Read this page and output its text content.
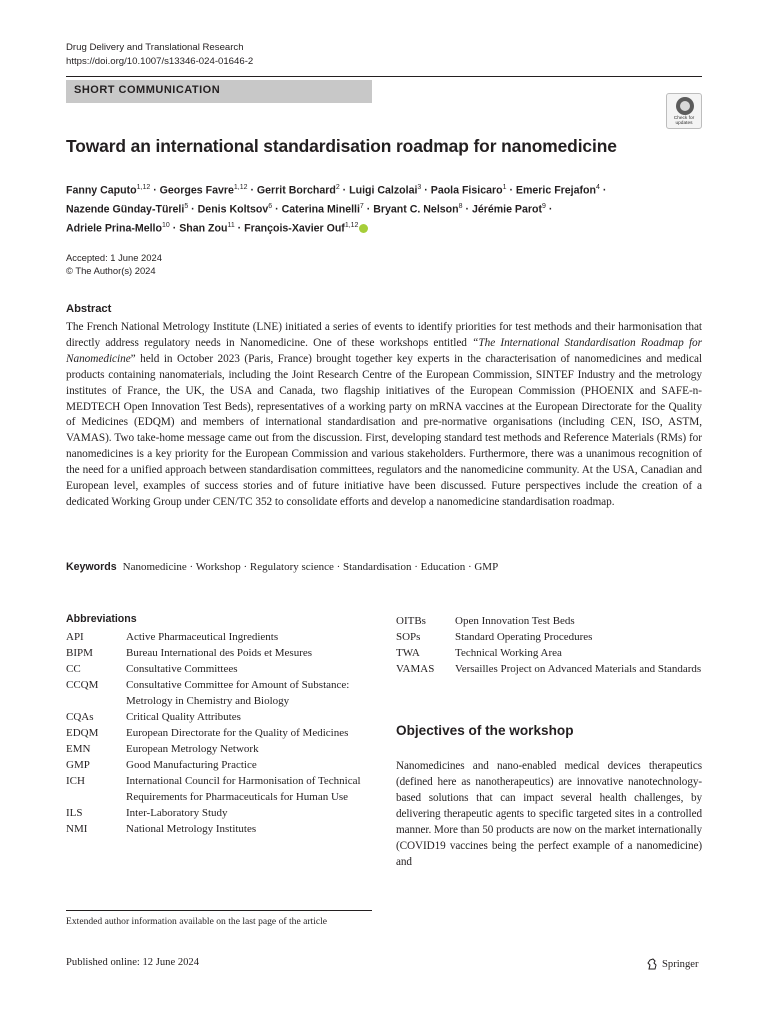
Drug Delivery and Translational Research
https://doi.org/10.1007/s13346-024-01646-2
SHORT COMMUNICATION
Check for updates
Toward an international standardisation roadmap for nanomedicine
Fanny Caputo$^{1,12}$ · Georges Favre$^{1,12}$ · Gerrit Borchard$^2$ · Luigi Calzolai$^3$ · Paola Fisicaro$^1$ · Emeric Frejafon$^4$ ·
Nazende Günday-Türeli$^5$ · Denis Koltsov$^6$ · Caterina Minelli$^7$ · Bryant C. Nelson$^8$ · Jérémie Parot$^9$ ·
Adriele Prina-Mello$^{10}$ · Shan Zou$^{11}$ · François-Xavier Ouf$^{1,12}$
Accepted: 1 June 2024
© The Author(s) 2024
Abstract

The French National Metrology Institute (LNE) initiated a series of events to identify priorities for test methods and their harmonisation that directly address regulatory needs in Nanomedicine. One of these workshops entitled “The International Standardisation Roadmap for Nanomedicine” held in October 2023 (Paris, France) brought together key experts in the characterisation of nanomedicines and medical products containing nanomaterials, including the Joint Research Centre of the European Commission, SINTEF Industry and the metrology institutes of France, the UK, the USA and Canada, two flagship initiatives of the European Commission (PHOENIX and SAFE-n-MEDTECH Open Innovation Test Beds), representatives of a working party on mRNA vaccines at the European Directorate for the Quality of Medicines (EDQM) and members of international standardisation and pre-normative organisations (including CEN, ISO, ASTM, VAMAS). Two take-home message came out from the discussion. First, developing standard test methods and Reference Materials (RMs) for nanomedicines is a key priority for the European Commission and various stakeholders. Furthermore, there was a unanimous recognition of the need for a unified approach between standardisation committees, regulators and the nanomedicine community. At the USA, Canadian and European level, examples of success stories and of future initiative have been discussed. Future perspectives include the creation of a dedicated Working Group under CEN/TC 352 to consolidate efforts and develop a nanomedicine standardisation roadmap.

Keywords Nanomedicine · Workshop · Regulatory science · Standardisation · Education · GMP
Abbreviations
API	Active Pharmaceutical Ingredients
BIPM	Bureau International des Poids et Mesures
CC	Consultative Committees
CCQM	Consultative Committee for Amount of Substance: Metrology in Chemistry and Biology
CQAs	Critical Quality Attributes
EDQM	European Directorate for the Quality of Medicines
EMN	European Metrology Network
GMP	Good Manufacturing Practice
ICH	International Council for Harmonisation of Technical Requirements for Pharmaceuticals for Human Use
ILS	Inter-Laboratory Study
NMI	National Metrology Institutes
OITBs	Open Innovation Test Beds
SOPs	Standard Operating Procedures
TWA	Technical Working Area
VAMAS	Versailles Project on Advanced Materials and Standards
Objectives of the workshop

Nanomedicines and nano-enabled medical devices therapeutics (defined here as nanotherapeutics) are innovative nanotechnology-based solutions that can impact several health challenges, by delivering therapeutic agents to specific targeted sites in a controlled manner. More than 50 products are now on the market internationally (COVID19 vaccines being the perfect example of a nanomedicine) and

Extended author information available on the last page of the article
Published online: 12 June 2024	Springer
